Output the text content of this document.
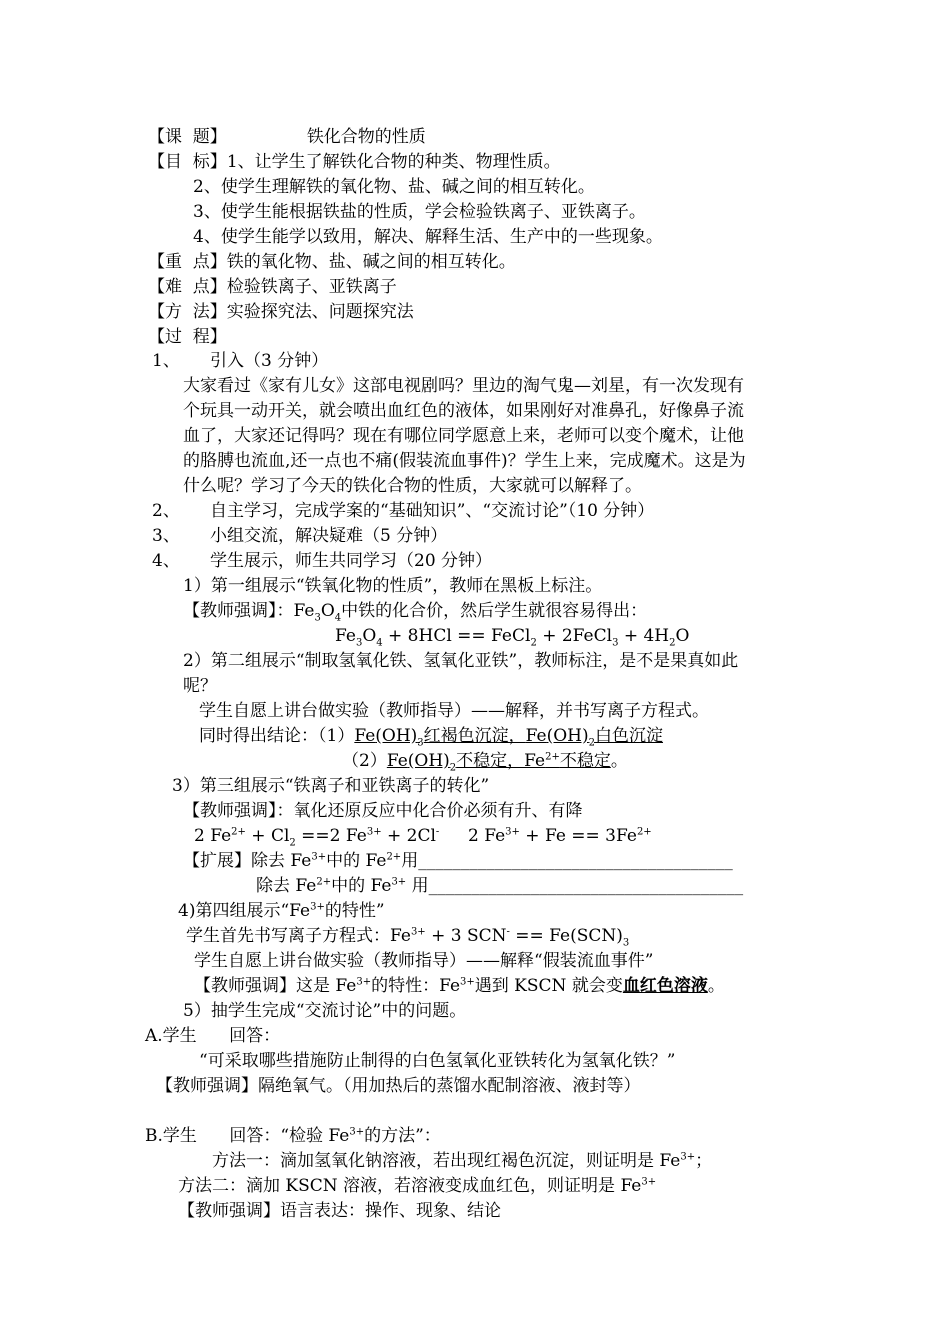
【课  题】	铁化合物的性质
【目  标】1、让学生了解铁化合物的种类、物理性质。
2、使学生理解铁的氧化物、盐、碱之间的相互转化。
3、使学生能根据铁盐的性质，学会检验铁离子、亚铁离子。
4、使学生能学以致用，解决、解释生活、生产中的一些现象。
【重  点】铁的氧化物、盐、碱之间的相互转化。
【难  点】检验铁离子、亚铁离子
【方  法】实验探究法、问题探究法
【过  程】
1、 引入（3 分钟）
大家看过《家有儿女》这部电视剧吗？里边的淘气鬼—刘星，有一次发现有
个玩具一动开关，就会喷出血红色的液体，如果刚好对准鼻孔，好像鼻子流
血了，大家还记得吗？现在有哪位同学愿意上来，老师可以变个魔术，让他
的胳膊也流血,还一点也不痛(假装流血事件)？学生上来，完成魔术。这是为
什么呢？学习了今天的铁化合物的性质，大家就可以解释了。
2、 自主学习，完成学案的“基础知识”、“交流讨论”（10 分钟）
3、 小组交流，解决疑难（5 分钟）
4、 学生展示，师生共同学习（20 分钟）
1）第一组展示“铁氧化物的性质”，教师在黑板上标注。
【教师强调】：$Fe_3O_4$中铁的化合价，然后学生就很容易得出：
$Fe_3O_4 + 8HCl$ == FeCl$_2$ + 2FeCl$_3$ + $4H_2O$
2）第二组展示“制取氢氧化铁、氢氧化亚铁”，教师标注，是不是果真如此
呢？
学生自愿上讲台做实验（教师指导）——解释，并书写离子方程式。
同时得出结论：$(1)Fe(OH)_3$红褐色沉淀，$Fe(OH)_2$白色沉淀
$(2)Fe(OH)_2$不稳定，$Fe^{2+}$不稳定。
3）第三组展示“铁离子和亚铁离子的转化”
【教师强调】：氧化还原反应中化合价必须有升、有降
2 $Fe^{2+} + Cl_2 ==2$ $Fe^{3+} + 2Cl^-$ 2 $Fe^{3+} + Fe == 3Fe^{2+}$
【扩展】除去 $Fe^{3+}$中的 $Fe^{2+}$用_____________________________________
除去 $Fe^{2+}$中的 $Fe^{3+}$ 用_____________________________________
4)第四组展示“$Fe^{3+}$的特性”
学生首先书写离子方程式：$Fe^{3+} + 3$ $SCN^- == Fe(SCN)_3$
学生自愿上讲台做实验（教师指导）——解释“假装流血事件”
【教师强调】这是 $Fe^{3+}$的特性：$Fe^{3+}$遇到 KSCN 就会变血红色溶液。
5）抽学生完成“交流讨论”中的问题。
A.学生      回答：
“可采取哪些措施防止制得的白色氢氧化亚铁转化为氢氧化铁？”
【教师强调】隔绝氧气。（用加热后的蒸馏水配制溶液、液封等）
B.学生      回答：“检验 $Fe^{3+}$的方法”：
方法一：滴加氢氧化钠溶液，若出现红褐色沉淀，则证明是 $Fe^{3+}$；
方法二：滴加 KSCN 溶液，若溶液变成血红色，则证明是 $Fe^{3+}$
【教师强调】语言表达：操作、现象、结论
